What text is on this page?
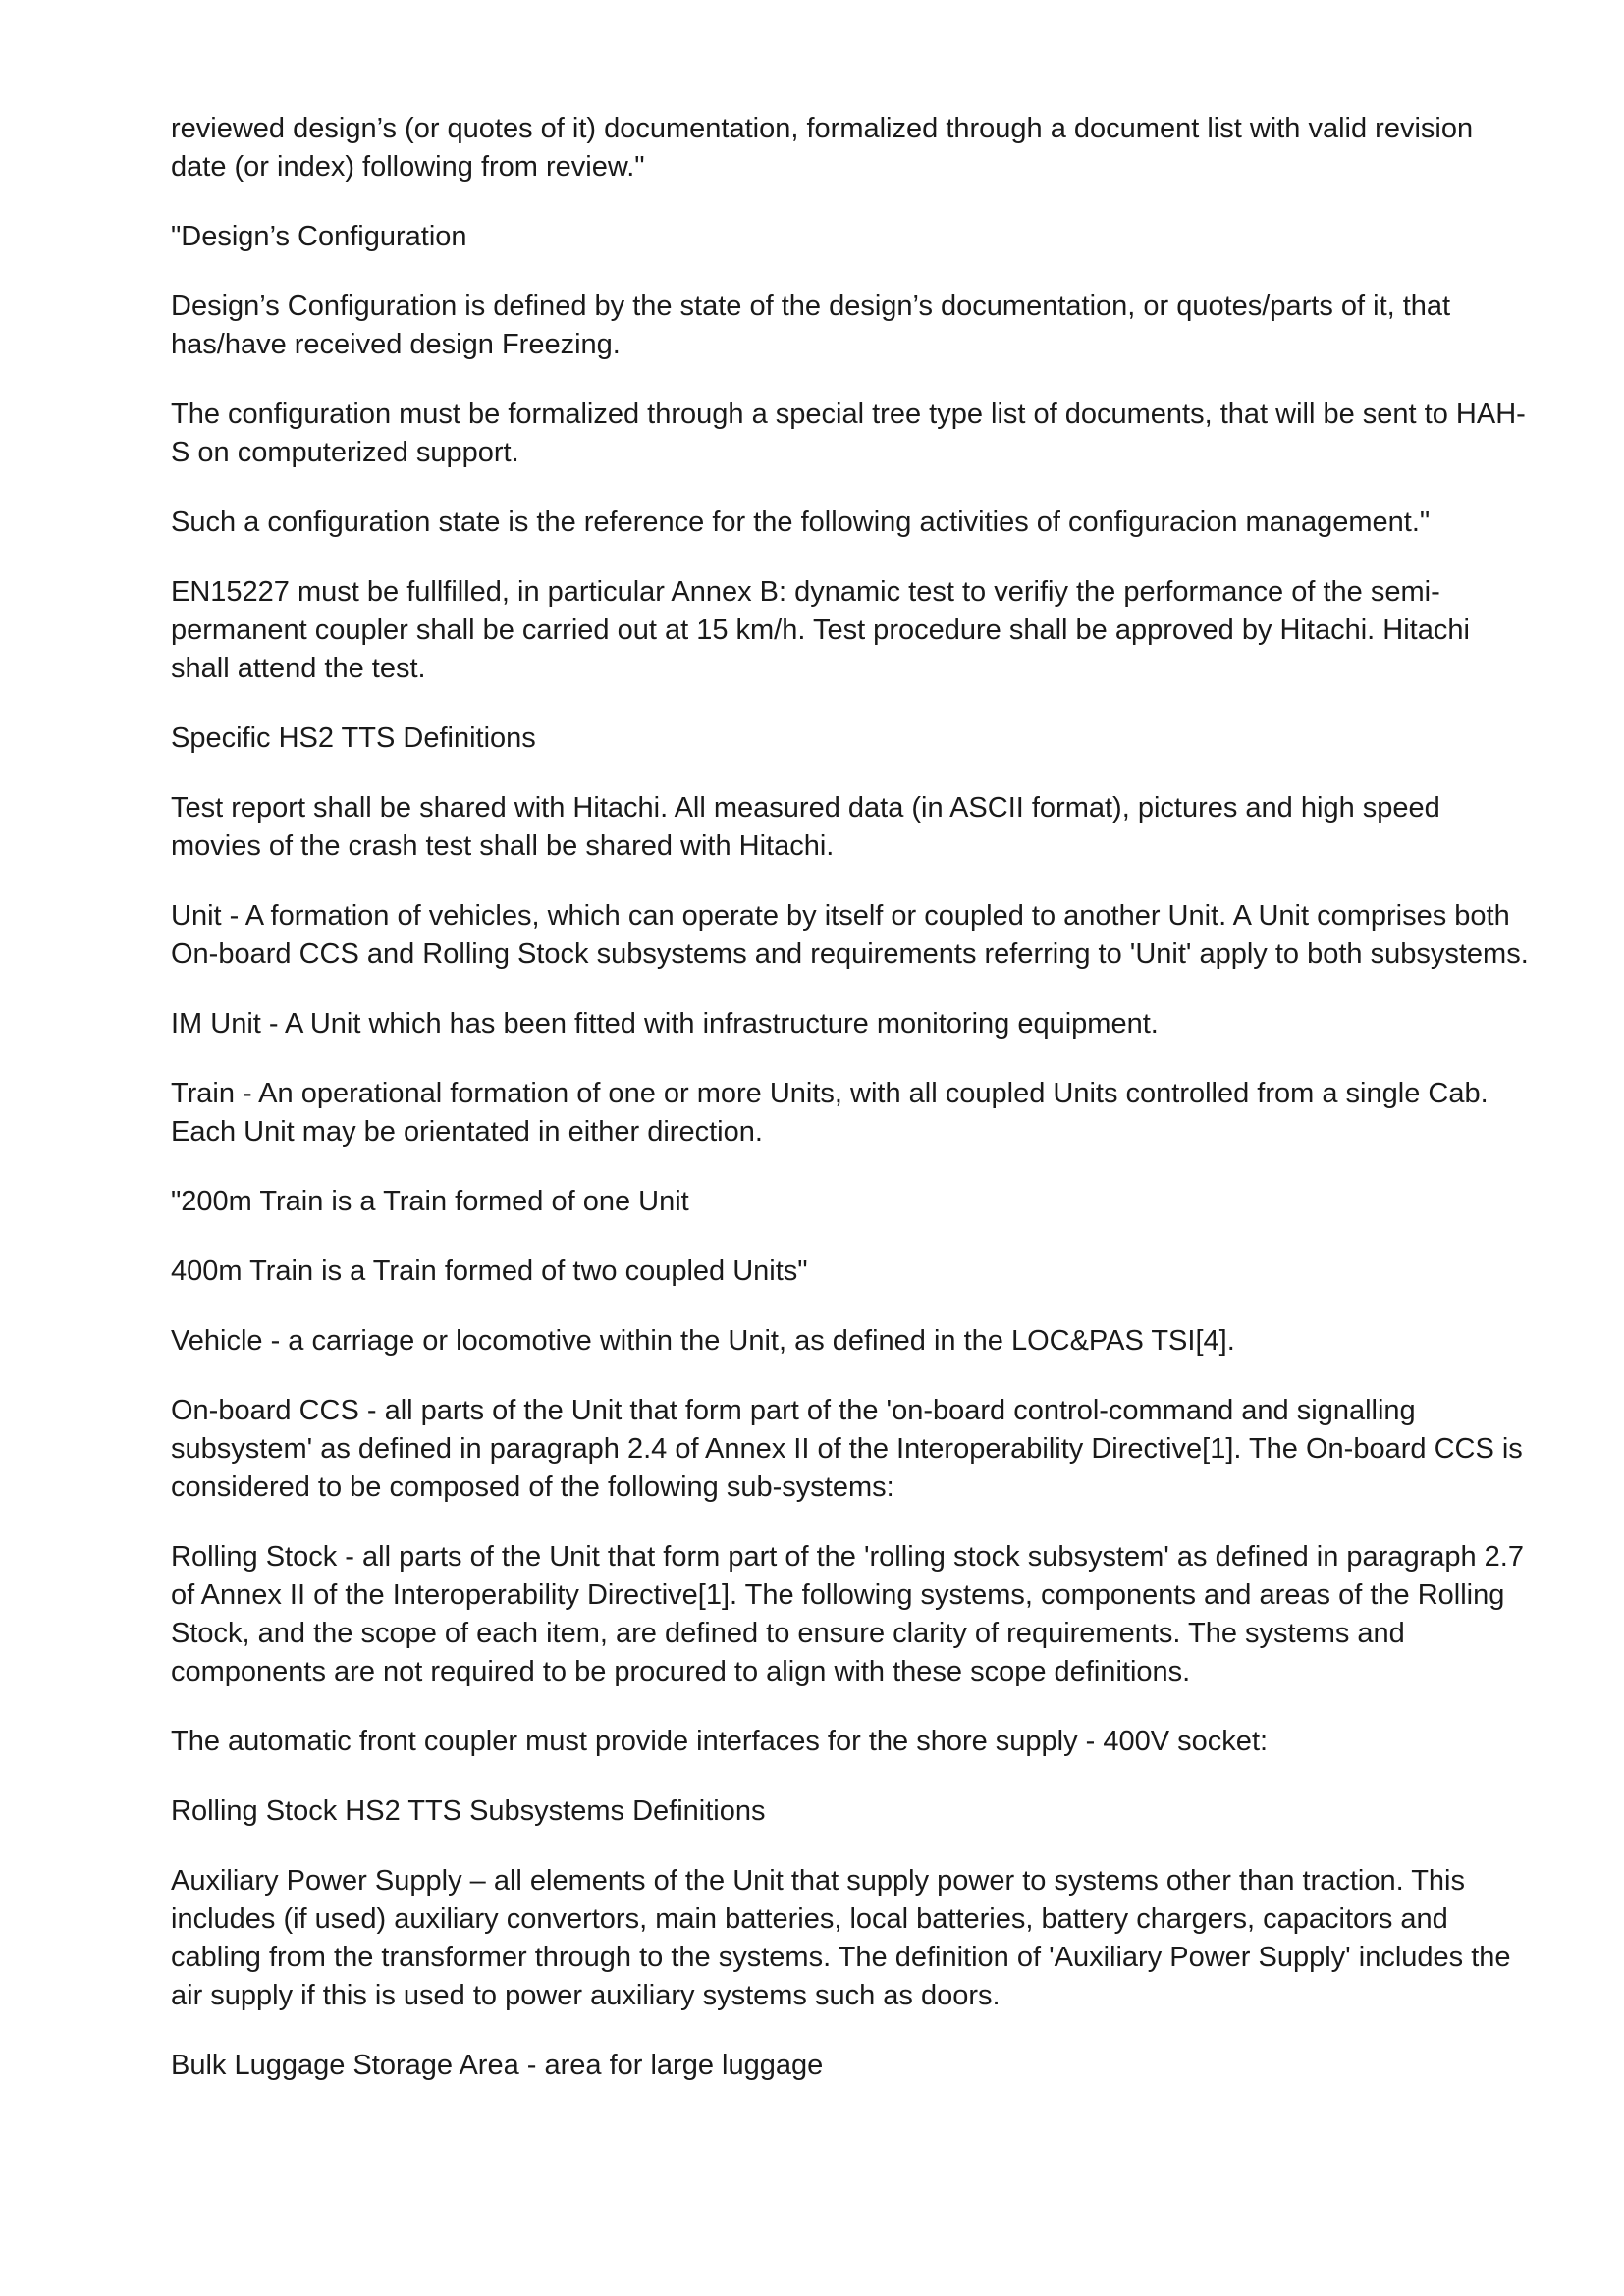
reviewed design’s (or quotes of it) documentation, formalized through a document list with valid revision date (or index) following from review."

"Design’s Configuration

Design’s Configuration is defined by the state of the design’s documentation, or quotes/parts of it, that has/have received design Freezing.

The configuration must be formalized through a special tree type list of documents, that will be sent to HAH-S on computerized support.

Such a configuration state is the reference for the following activities of configuracion management."

EN15227 must be fullfilled, in particular Annex B: dynamic test to verifiy the performance of the semi-permanent coupler shall be carried out at 15 km/h. Test procedure shall be approved by Hitachi. Hitachi shall attend the test.

Specific HS2 TTS Definitions

Test report shall be shared with Hitachi. All measured data (in ASCII format), pictures and high speed movies of the crash test shall be shared with Hitachi.

Unit - A formation of vehicles, which can operate by itself or coupled to another Unit. A Unit comprises both On-board CCS and Rolling Stock subsystems and requirements referring to 'Unit' apply to both subsystems.

IM Unit - A Unit which has been fitted with infrastructure monitoring equipment.

Train - An operational formation of one or more Units, with all coupled Units controlled from a single Cab. Each Unit may be orientated in either direction.

"200m Train is a Train formed of one Unit

400m Train is a Train formed of two coupled Units"

Vehicle - a carriage or locomotive within the Unit, as defined in the LOC&PAS TSI[4].

On-board CCS - all parts of the Unit that form part of the 'on-board control-command and signalling subsystem' as defined in paragraph 2.4 of Annex II of the Interoperability Directive[1]. The On-board CCS is considered to be composed of the following sub-systems:

Rolling Stock - all parts of the Unit that form part of the 'rolling stock subsystem' as defined in paragraph 2.7 of Annex II of the Interoperability Directive[1]. The following systems, components and areas of the Rolling Stock, and the scope of each item, are defined to ensure clarity of requirements. The systems and components are not required to be procured to align with these scope definitions.

The automatic front coupler must provide interfaces for the shore supply - 400V socket:

Rolling Stock HS2 TTS Subsystems Definitions

Auxiliary Power Supply – all elements of the Unit that supply power to systems other than traction. This includes (if used) auxiliary convertors, main batteries, local batteries, battery chargers, capacitors and cabling from the transformer through to the systems. The definition of 'Auxiliary Power Supply' includes the air supply if this is used to power auxiliary systems such as doors.

Bulk Luggage Storage Area - area for large luggage
